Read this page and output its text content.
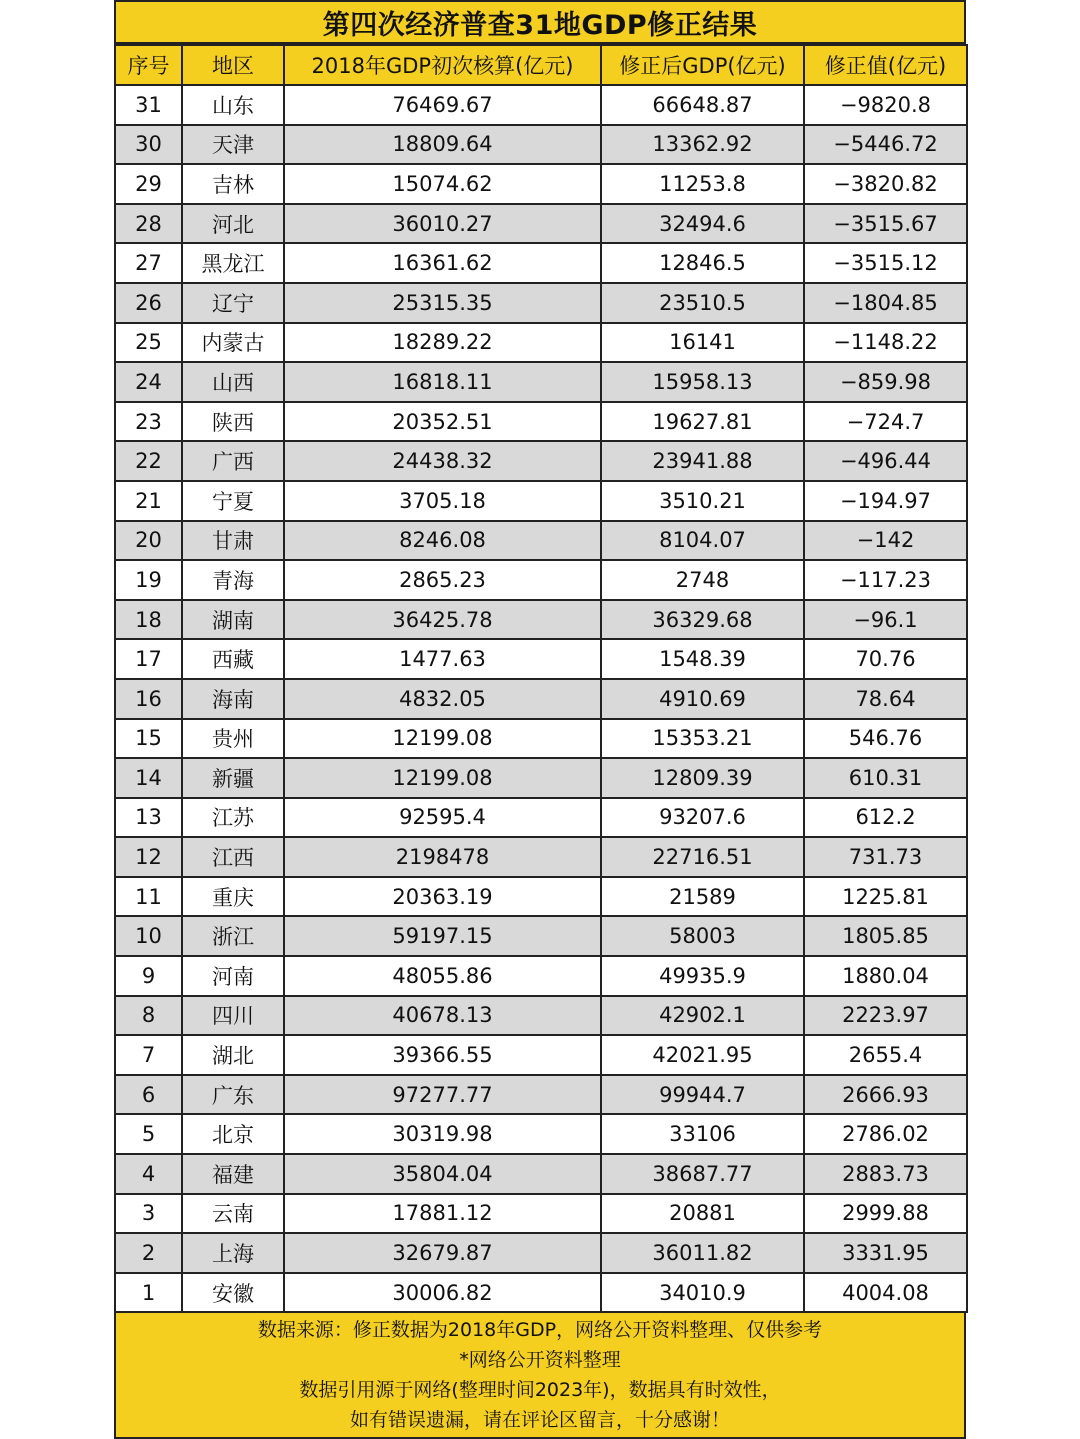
第四次经济普查31地GDP修正结果
序号	地区	2018年GDP初次核算(亿元)	修正后GDP(亿元)	修正值(亿元)
31	山东	76469.67	66648.87	−9820.8
30	天津	18809.64	13362.92	−5446.72
29	吉林	15074.62	11253.8	−3820.82
28	河北	36010.27	32494.6	−3515.67
27	黑龙江	16361.62	12846.5	−3515.12
26	辽宁	25315.35	23510.5	−1804.85
25	内蒙古	18289.22	16141	−1148.22
24	山西	16818.11	15958.13	−859.98
23	陕西	20352.51	19627.81	−724.7
22	广西	24438.32	23941.88	−496.44
21	宁夏	3705.18	3510.21	−194.97
20	甘肃	8246.08	8104.07	−142
19	青海	2865.23	2748	−117.23
18	湖南	36425.78	36329.68	−96.1
17	西藏	1477.63	1548.39	70.76
16	海南	4832.05	4910.69	78.64
15	贵州	12199.08	15353.21	546.76
14	新疆	12199.08	12809.39	610.31
13	江苏	92595.4	93207.6	612.2
12	江西	2198478	22716.51	731.73
11	重庆	20363.19	21589	1225.81
10	浙江	59197.15	58003	1805.85
9	河南	48055.86	49935.9	1880.04
8	四川	40678.13	42902.1	2223.97
7	湖北	39366.55	42021.95	2655.4
6	广东	97277.77	99944.7	2666.93
5	北京	30319.98	33106	2786.02
4	福建	35804.04	38687.77	2883.73
3	云南	17881.12	20881	2999.88
2	上海	32679.87	36011.82	3331.95
1	安徽	30006.82	34010.9	4004.08
数据来源：修正数据为2018年GDP，网络公开资料整理、仅供参考
*网络公开资料整理
数据引用源于网络(整理时间2023年)，数据具有时效性，
如有错误遗漏，请在评论区留言，十分感谢！
